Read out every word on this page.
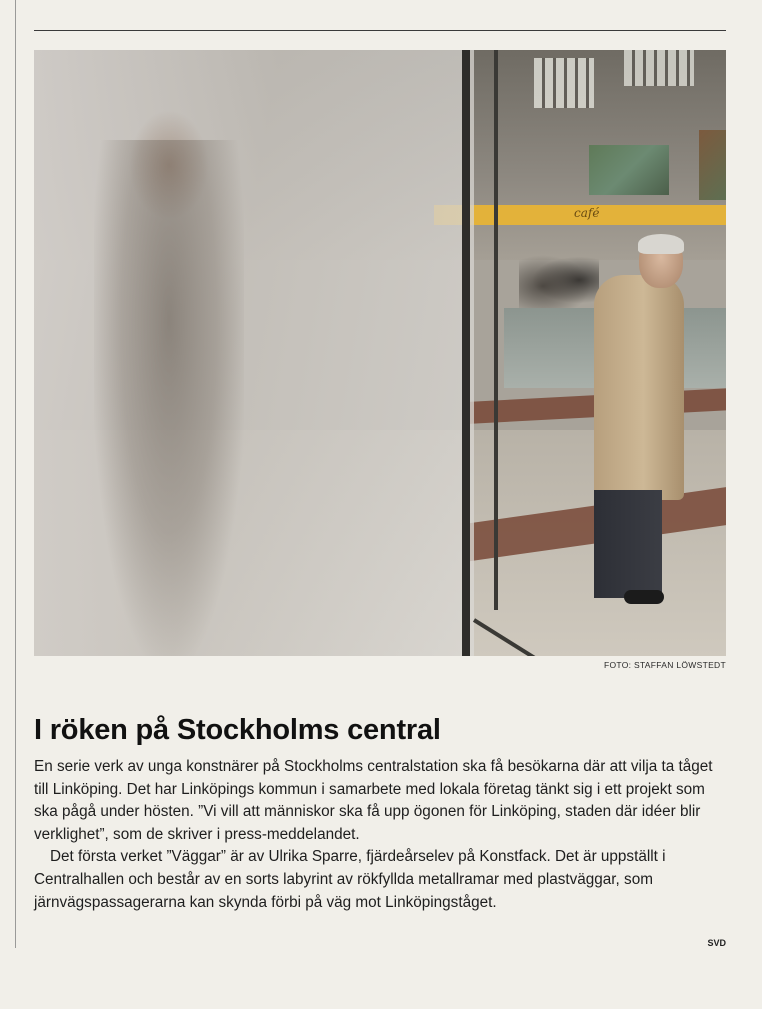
café
FOTO: STAFFAN LÖWSTEDT
I röken på Stockholms central

En serie verk av unga konstnärer på Stockholms centralstation ska få besökarna där att vilja ta tåget till Linköping. Det har Linköpings kommun i samarbete med lokala företag tänkt sig i ett projekt som ska pågå under hösten. ”Vi vill att människor ska få upp ögonen för Linköping, staden där idéer blir verklighet”, som de skriver i press-meddelandet.

Det första verket ”Väggar” är av Ulrika Sparre, fjärdeårselev på Konstfack. Det är uppställt i Centralhallen och består av en sorts labyrint av rökfyllda metallramar med plastväggar, som järnvägspassagerarna kan skynda förbi på väg mot Linköpingståget.

SVD
